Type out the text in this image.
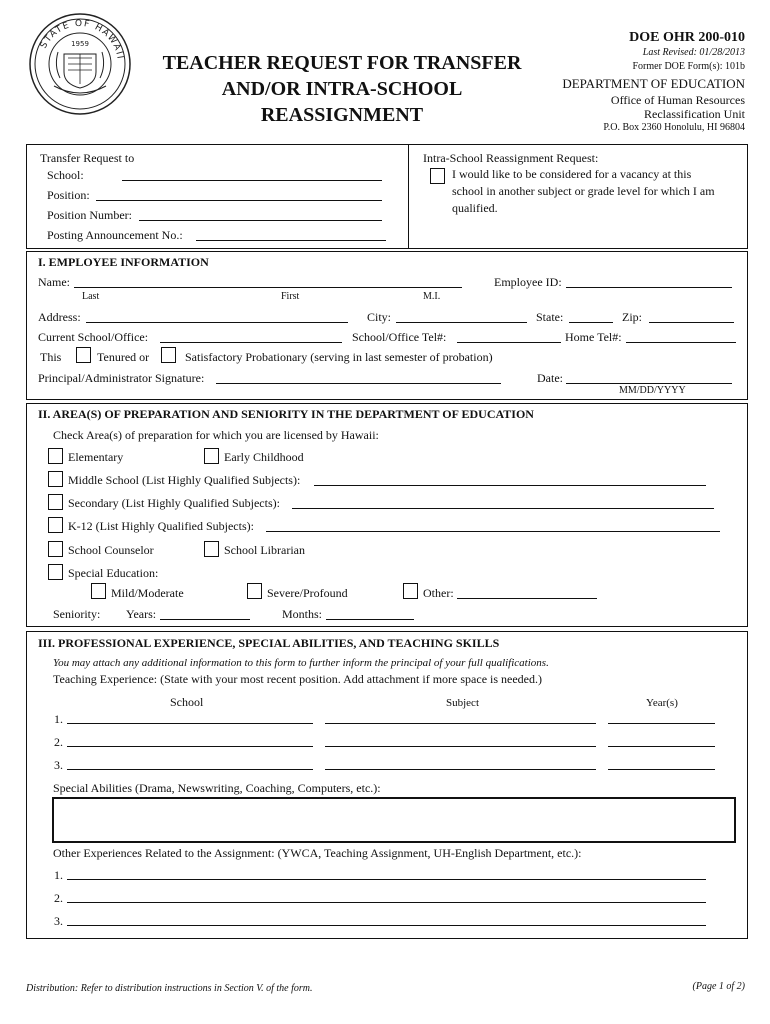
STATE OF HAWAII
1959
TEACHER REQUEST FOR TRANSFER
AND/OR INTRA-SCHOOL
REASSIGNMENT
DOE OHR 200-010
Last Revised: 01/28/2013
Former DOE Form(s): 101b
DEPARTMENT OF EDUCATION
Office of Human Resources
Reclassification Unit
P.O. Box 2360 Honolulu, HI 96804
Transfer Request to
School:
Position:
Position Number:
Posting Announcement No.:
Intra-School Reassignment Request:
I would like to be considered for a vacancy at this
school in another subject or grade level for which I am
qualified.
I. EMPLOYEE INFORMATION
Name:	Employee ID:
Last	First	M.I.
Address:	City:	State:	Zip:
Current School/Office:	School/Office Tel#:	Home Tel#:
This	Tenured or	Satisfactory Probationary (serving in last semester of probation)
Principal/Administrator Signature:	Date:
MM/DD/YYYY
II. AREA(S) OF PREPARATION AND SENIORITY IN THE DEPARTMENT OF EDUCATION
Check Area(s) of preparation for which you are licensed by Hawaii:
Elementary	Early Childhood
Middle School (List Highly Qualified Subjects):
Secondary (List Highly Qualified Subjects):
K-12 (List Highly Qualified Subjects):
School Counselor	School Librarian
Special Education:
Mild/Moderate	Severe/Profound	Other:
Seniority: Years:	Months:
III. PROFESSIONAL EXPERIENCE, SPECIAL ABILITIES, AND TEACHING SKILLS
You may attach any additional information to this form to further inform the principal of your full qualifications.
Teaching Experience: (State with your most recent position. Add attachment if more space is needed.)
School	Subject	Year(s)
1.
2.
3.
Special Abilities (Drama, Newswriting, Coaching, Computers, etc.):
Other Experiences Related to the Assignment: (YWCA, Teaching Assignment, UH-English Department, etc.):
1.
2.
3.
Distribution: Refer to distribution instructions in Section V. of the form.	(Page 1 of 2)
